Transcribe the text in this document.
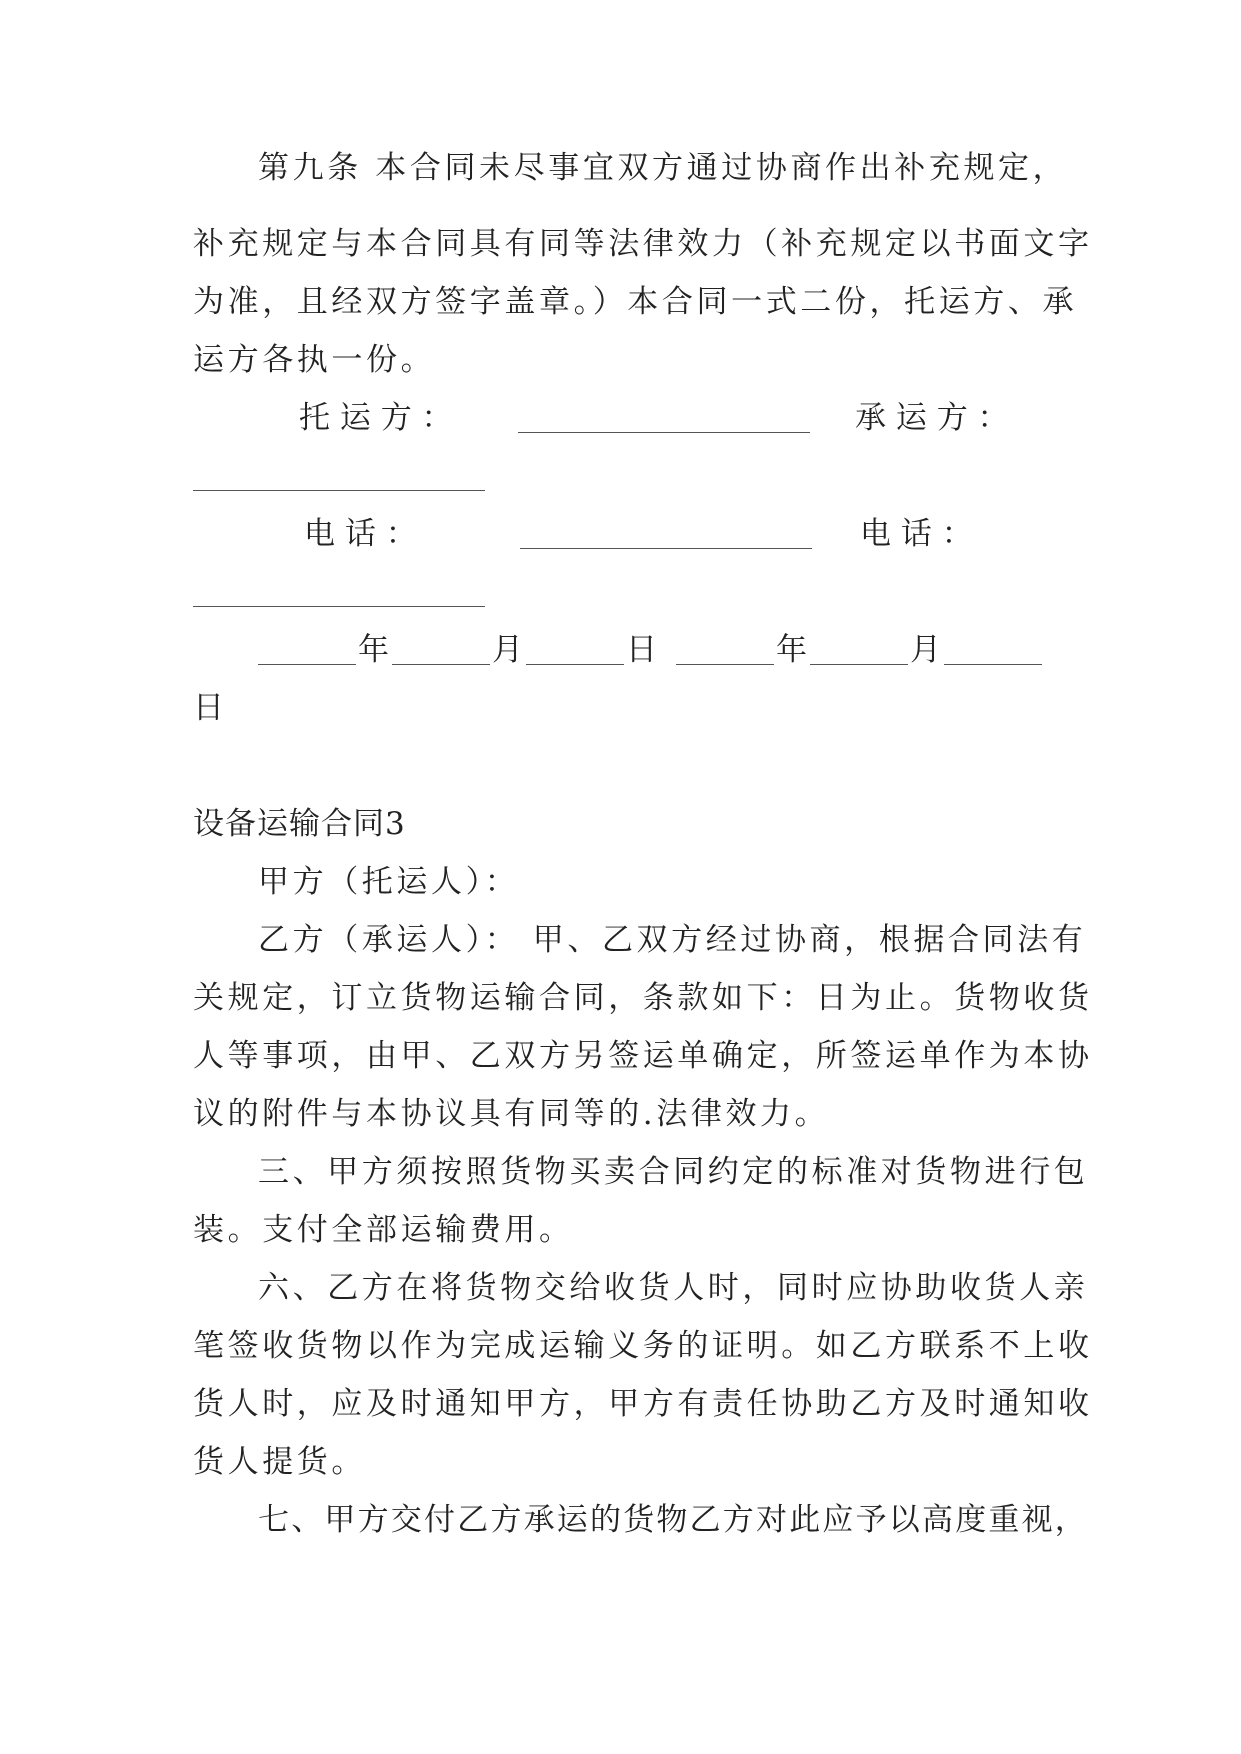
第九条 本合同未尽事宜双方通过协商作出补充规定，
补充规定与本合同具有同等法律效力（补充规定以书面文字
为准，且经双方签字盖章。）本合同一式二份，托运方、承
运方各执一份。
托 运 方 ：	承 运 方 ：
电 话 ：	电 话 ：
年	月	日	年	月
日
设备运输合同3
甲方（托运人）：
乙方（承运人）： 甲、乙双方经过协商，根据合同法有
关规定，订立货物运输合同，条款如下：日为止。货物收货
人等事项，由甲、乙双方另签运单确定，所签运单作为本协
议的附件与本协议具有同等的.法律效力。
三、甲方须按照货物买卖合同约定的标准对货物进行包
装。支付全部运输费用。
六、乙方在将货物交给收货人时，同时应协助收货人亲
笔签收货物以作为完成运输义务的证明。如乙方联系不上收
货人时，应及时通知甲方，甲方有责任协助乙方及时通知收
货人提货。
七、甲方交付乙方承运的货物乙方对此应予以高度重视，
